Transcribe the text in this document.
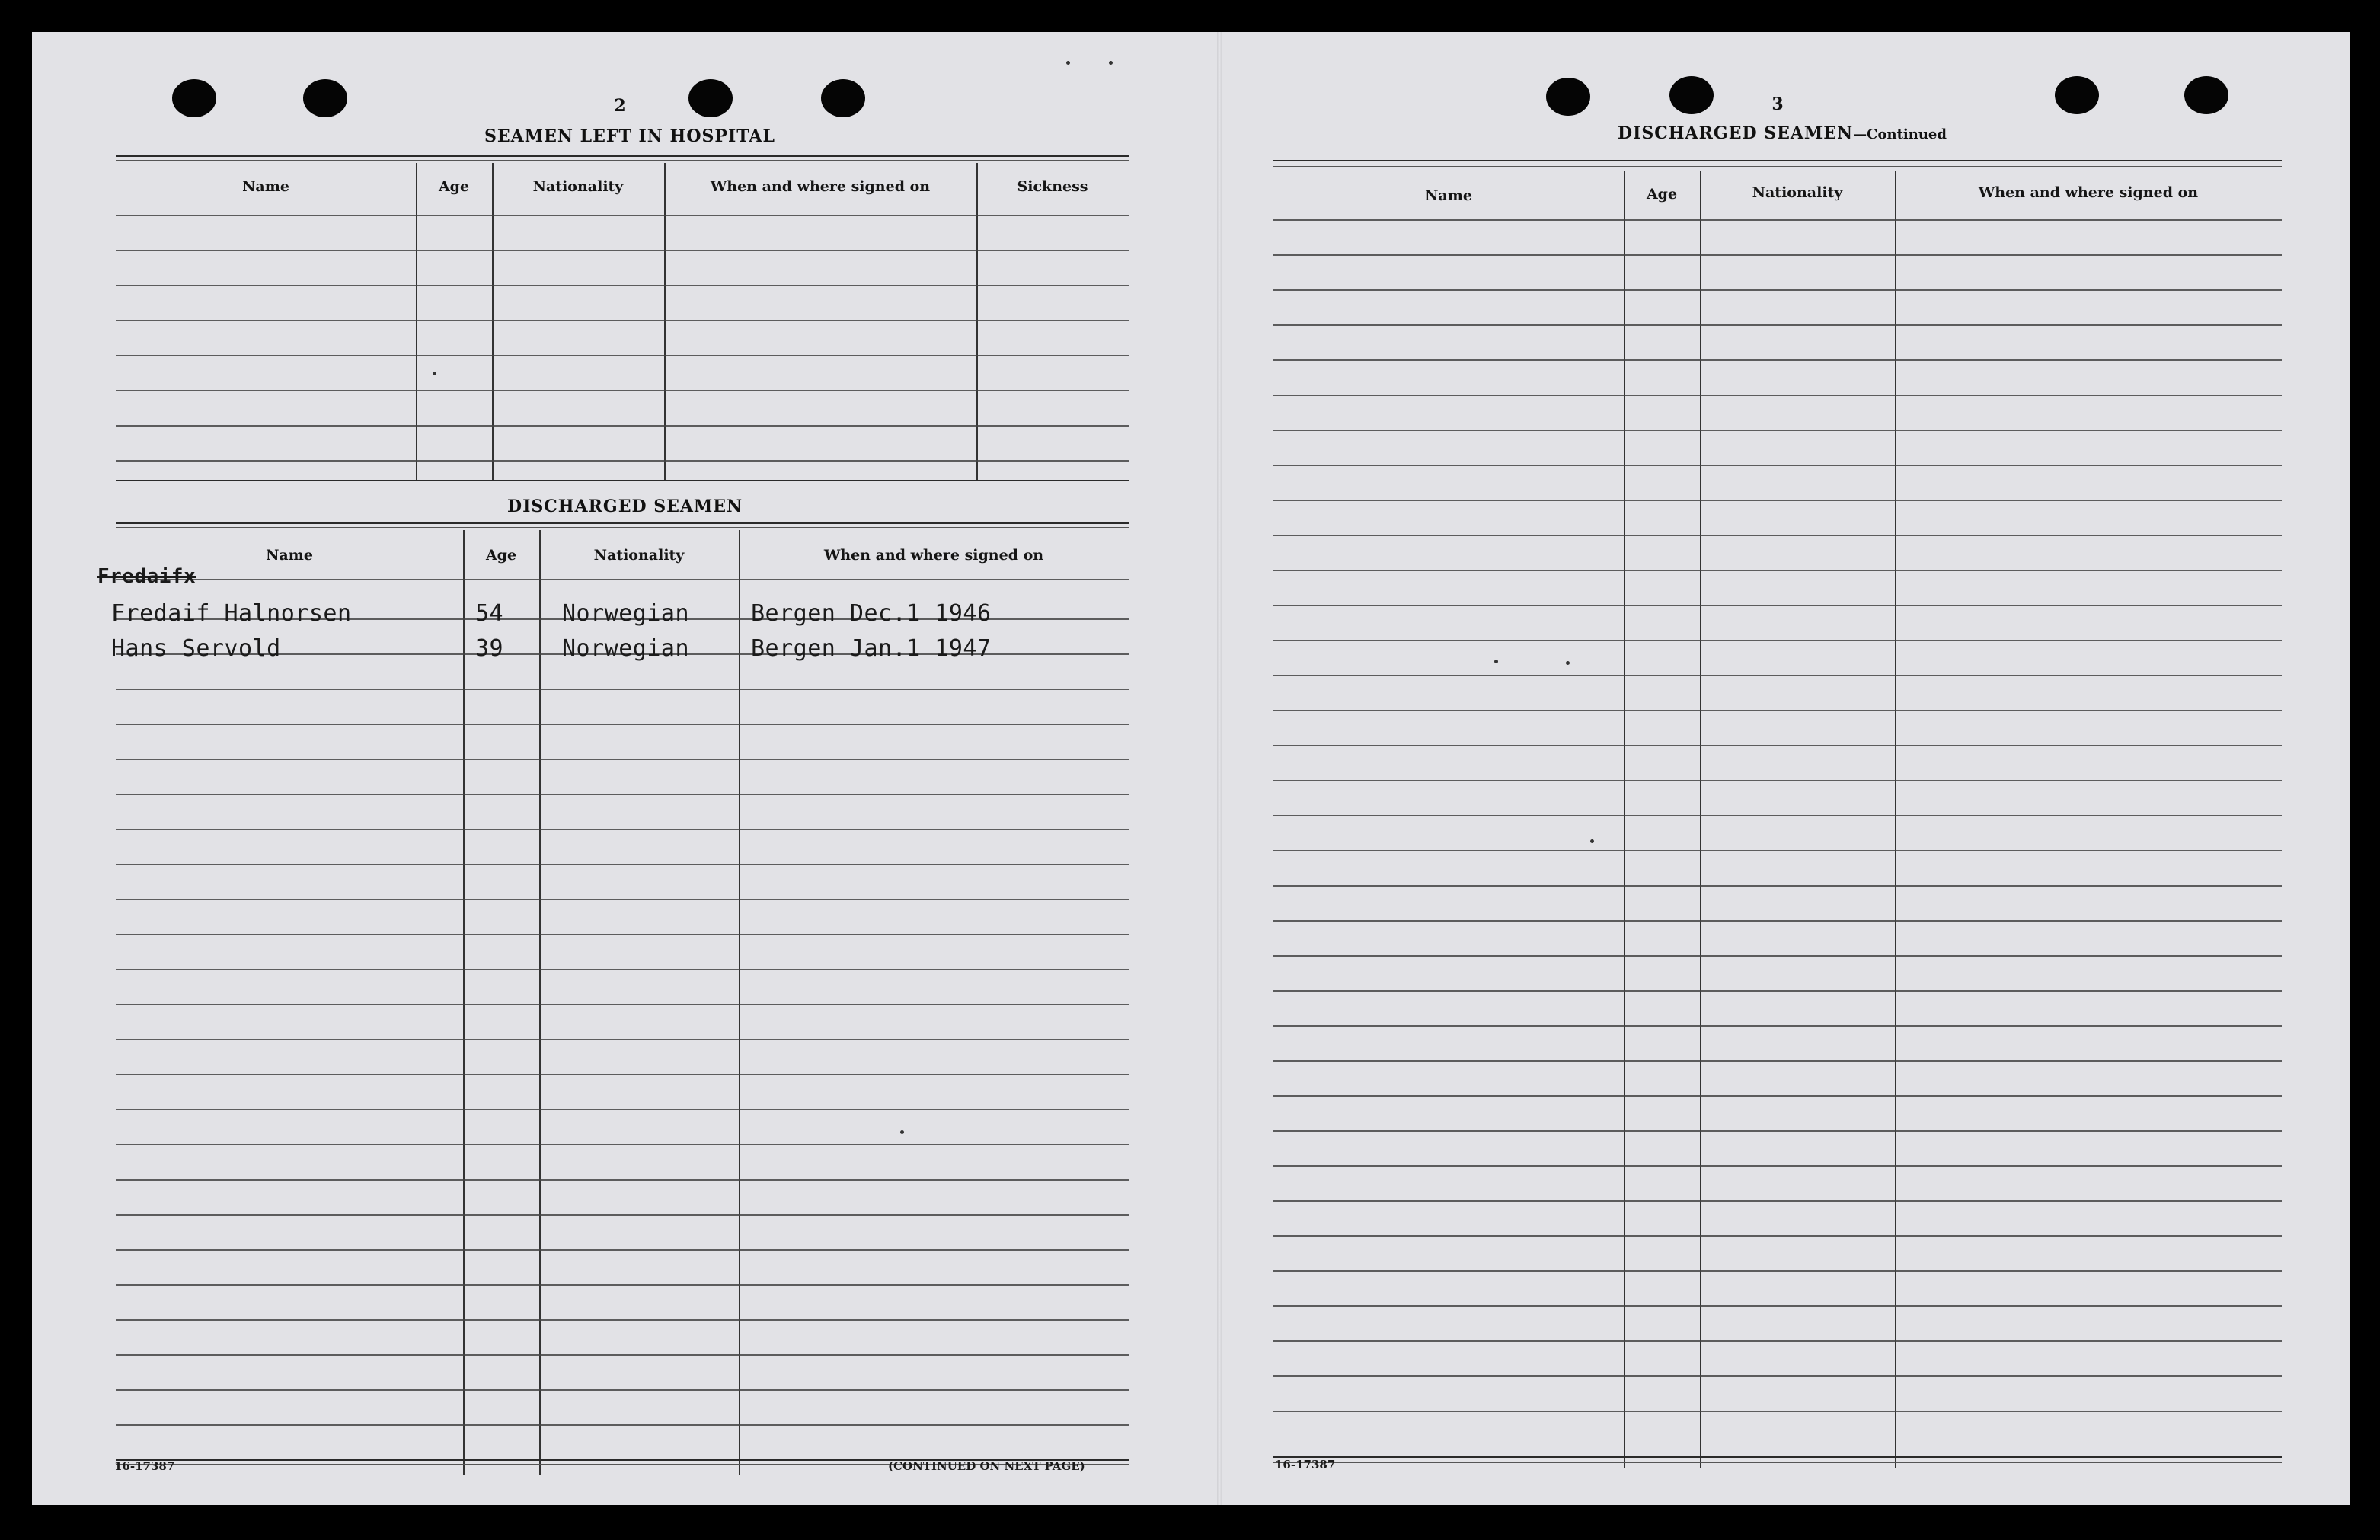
2
SEAMEN LEFT IN HOSPITAL
Name	Age	Nationality	When and where signed on	Sickness
DISCHARGED SEAMEN
Name	Age	Nationality	When and where signed on
Fredaifx
Fredaif Halnorsen	54	Norwegian	Bergen Dec.1 1946
Hans Servold	39	Norwegian	Bergen Jan.1 1947
16-17387	(CONTINUED ON NEXT PAGE)
3
DISCHARGED SEAMEN—Continued
Name	Age	Nationality	When and where signed on
16-17387
